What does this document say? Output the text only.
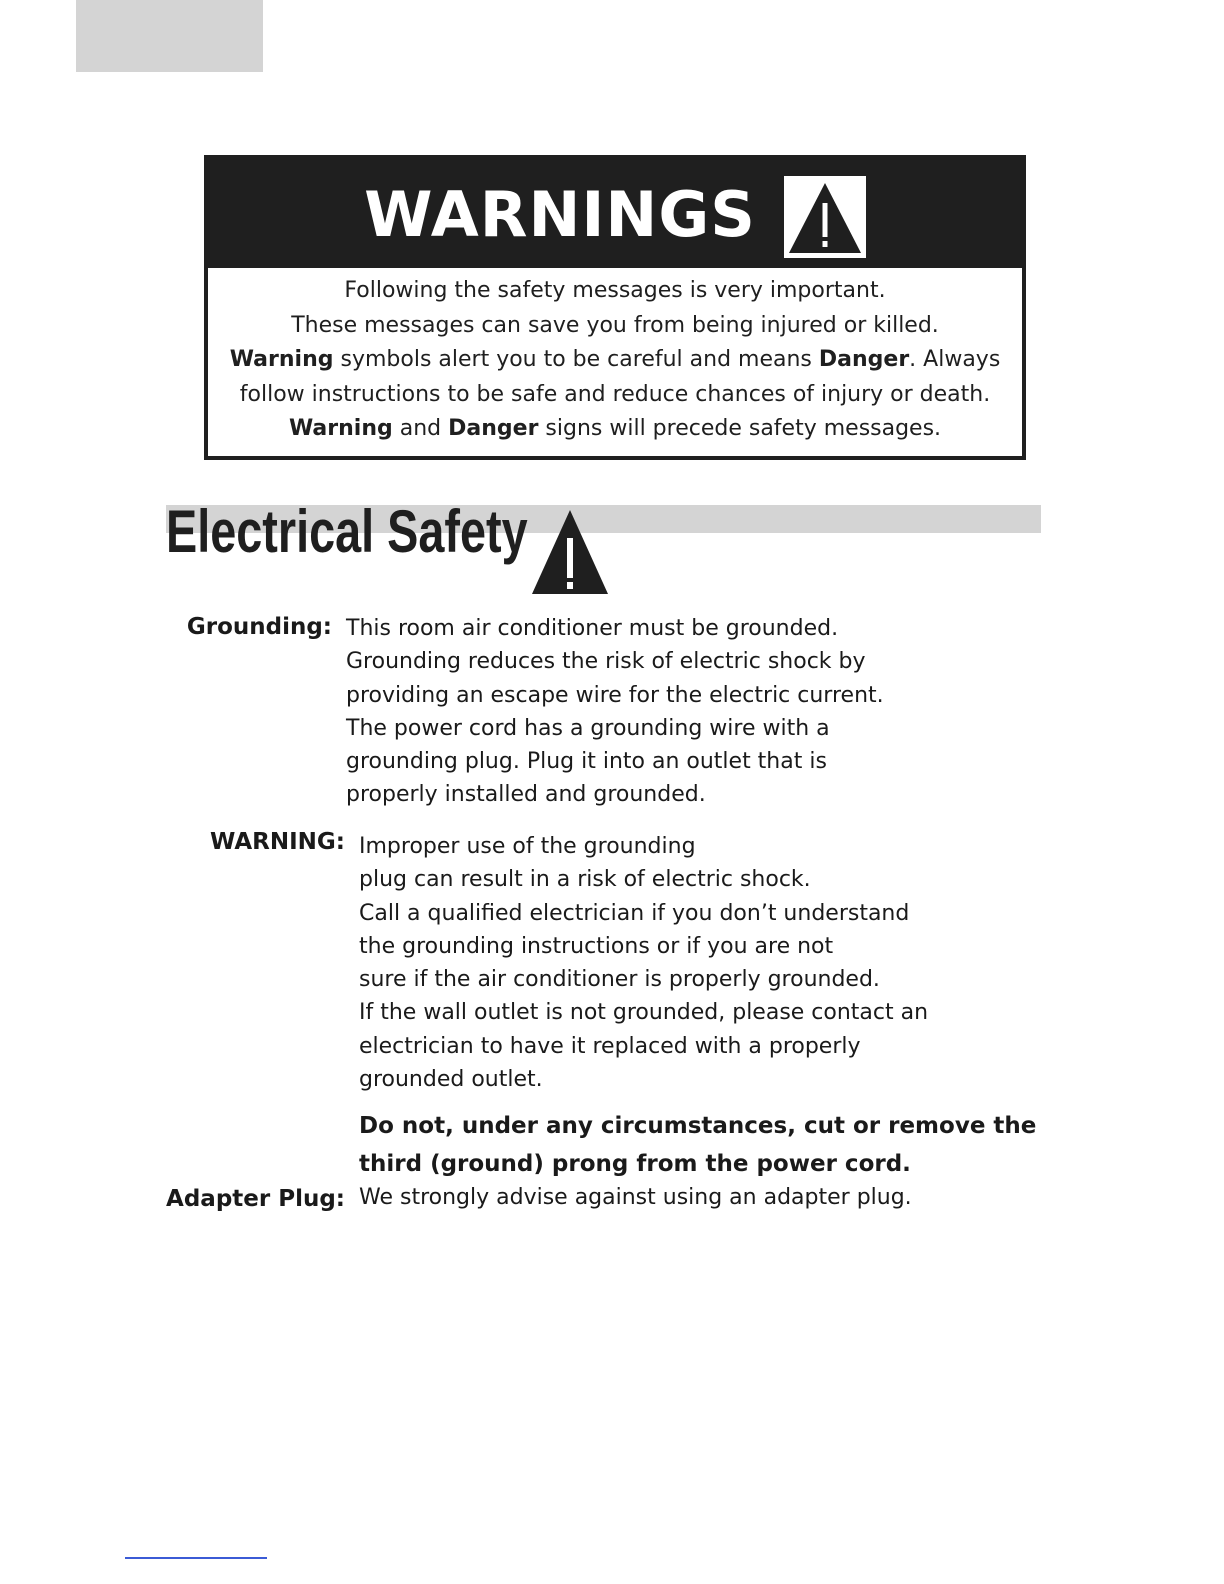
WARNINGS
Following the safety messages is very important.
These messages can save you from being injured or killed.
Warning symbols alert you to be careful and means Danger. Always
follow instructions to be safe and reduce chances of injury or death.
Warning and Danger signs will precede safety messages.
Electrical Safety
Grounding: This room air conditioner must be grounded.
Grounding reduces the risk of electric shock by
providing an escape wire for the electric current.
The power cord has a grounding wire with a
grounding plug. Plug it into an outlet that is
properly installed and grounded.
WARNING: Improper use of the grounding
plug can result in a risk of electric shock.
Call a qualified electrician if you don’t understand
the grounding instructions or if you are not
sure if the air conditioner is properly grounded.
If the wall outlet is not grounded, please contact an
electrician to have it replaced with a properly
grounded outlet.
Do not, under any circumstances, cut or remove the
third (ground) prong from the power cord.
Adapter Plug: We strongly advise against using an adapter plug.
